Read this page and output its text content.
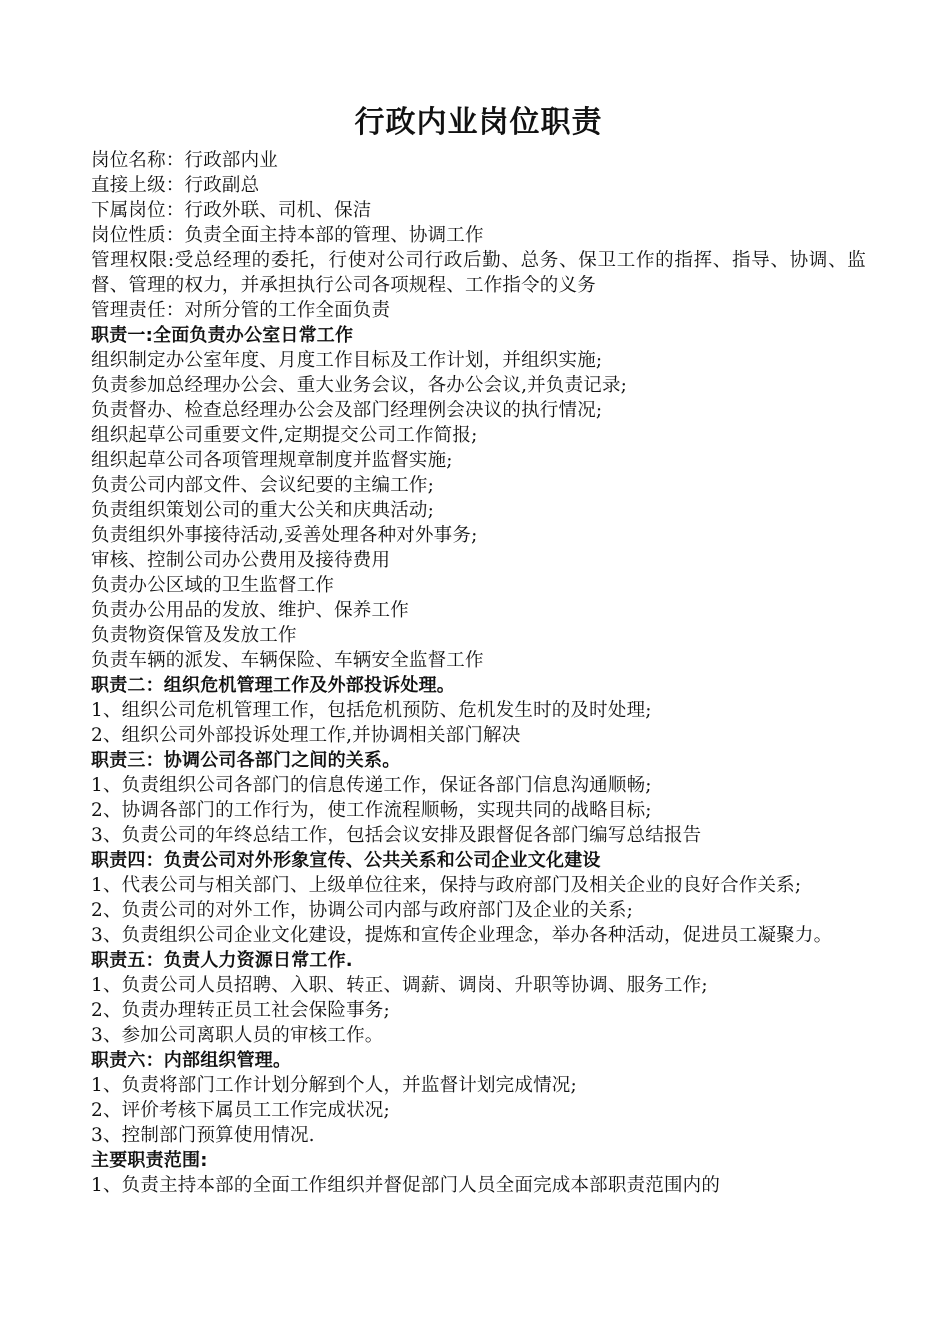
行政内业岗位职责
岗位名称：行政部内业
直接上级：行政副总
下属岗位：行政外联、司机、保洁
岗位性质：负责全面主持本部的管理、协调工作
管理权限:受总经理的委托，行使对公司行政后勤、总务、保卫工作的指挥、指导、协调、监督、管理的权力，并承担执行公司各项规程、工作指令的义务
管理责任：对所分管的工作全面负责
职责一:全面负责办公室日常工作
组织制定办公室年度、月度工作目标及工作计划，并组织实施;
负责参加总经理办公会、重大业务会议，各办公会议,并负责记录;
负责督办、检查总经理办公会及部门经理例会决议的执行情况;
组织起草公司重要文件,定期提交公司工作简报;
组织起草公司各项管理规章制度并监督实施;
负责公司内部文件、会议纪要的主编工作;
负责组织策划公司的重大公关和庆典活动;
负责组织外事接待活动,妥善处理各种对外事务;
审核、控制公司办公费用及接待费用
负责办公区域的卫生监督工作
负责办公用品的发放、维护、保养工作
负责物资保管及发放工作
负责车辆的派发、车辆保险、车辆安全监督工作
职责二：组织危机管理工作及外部投诉处理。
1、组织公司危机管理工作，包括危机预防、危机发生时的及时处理;
2、组织公司外部投诉处理工作,并协调相关部门解决
职责三：协调公司各部门之间的关系。
1、负责组织公司各部门的信息传递工作，保证各部门信息沟通顺畅;
2、协调各部门的工作行为，使工作流程顺畅，实现共同的战略目标;
3、负责公司的年终总结工作，包括会议安排及跟督促各部门编写总结报告
职责四：负责公司对外形象宣传、公共关系和公司企业文化建设
1、代表公司与相关部门、上级单位往来，保持与政府部门及相关企业的良好合作关系;
2、负责公司的对外工作，协调公司内部与政府部门及企业的关系;
3、负责组织公司企业文化建设，提炼和宣传企业理念，举办各种活动，促进员工凝聚力。
职责五：负责人力资源日常工作.
1、负责公司人员招聘、入职、转正、调薪、调岗、升职等协调、服务工作;
2、负责办理转正员工社会保险事务;
3、参加公司离职人员的审核工作。
职责六：内部组织管理。
1、负责将部门工作计划分解到个人，并监督计划完成情况;
2、评价考核下属员工工作完成状况;
3、控制部门预算使用情况.
主要职责范围:
1、负责主持本部的全面工作组织并督促部门人员全面完成本部职责范围内的
